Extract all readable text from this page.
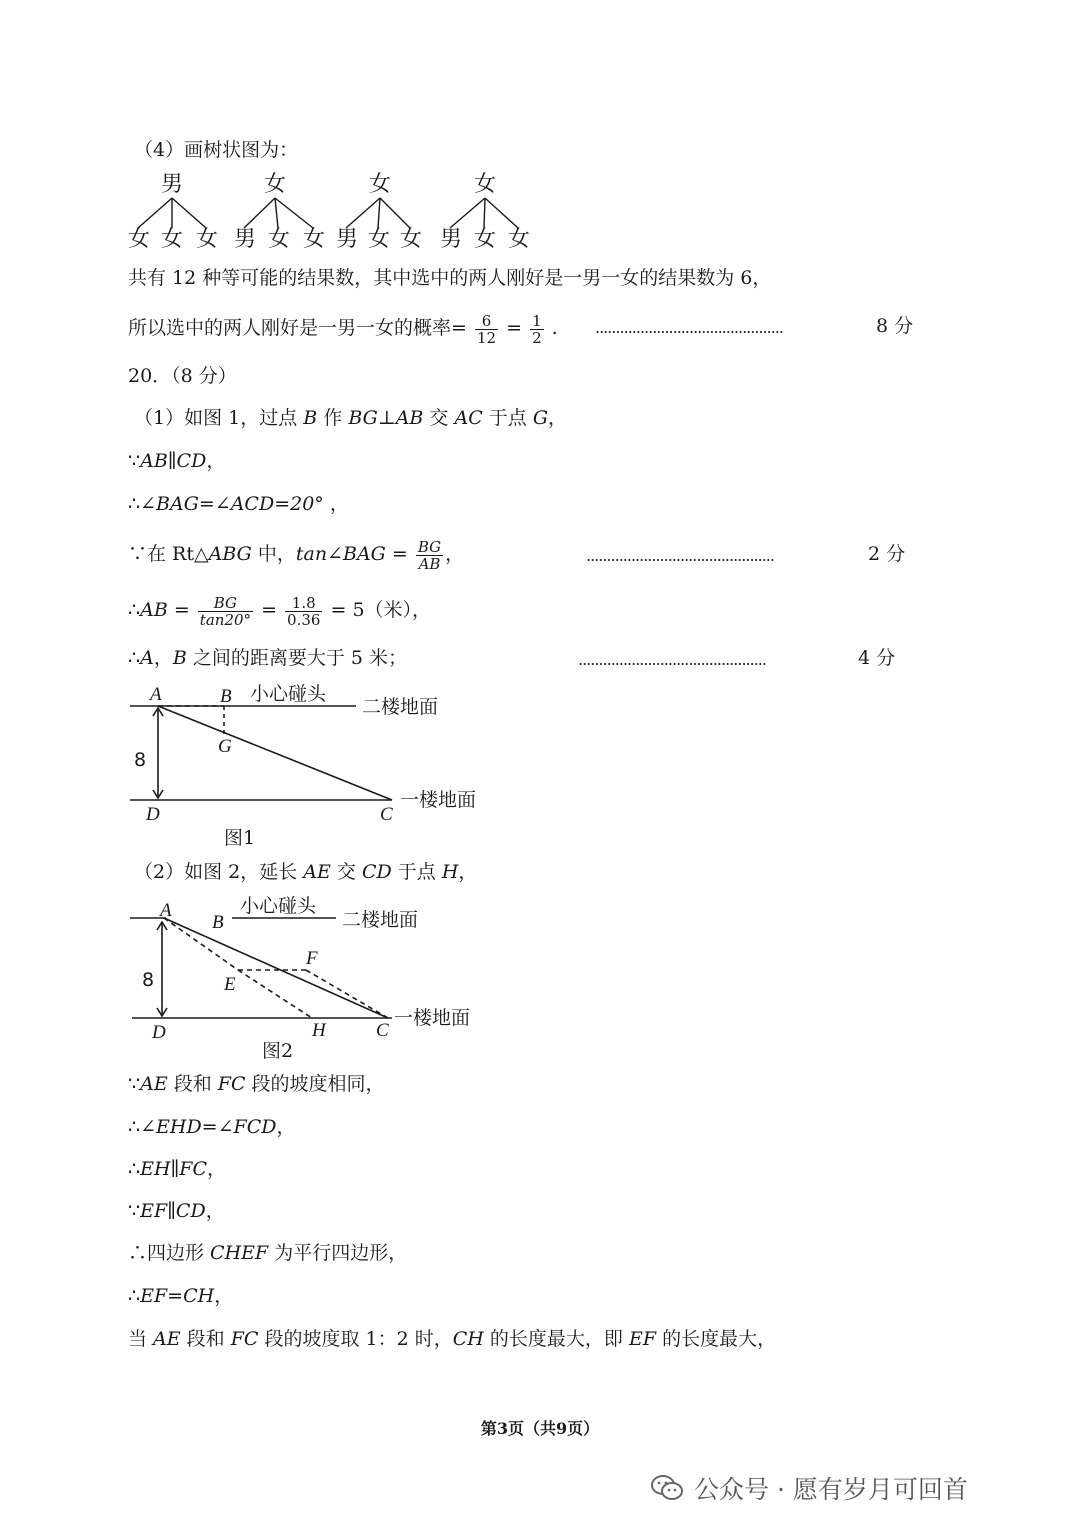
（4）画树状图为：
男
女 女 女
女
男 女 女
女
男 女 女
女
男 女 女
共有 12 种等可能的结果数，其中选中的两人刚好是一男一女的结果数为 6，
所以选中的两人刚好是一男一女的概率= $\frac{6}{12} = \frac{1}{2}$ . ..............................................	8 分
20．（8 分）
（1）如图 1，过点 B 作 BG⊥AB 交 AC 于点 G，
∵AB∥CD，
∴∠BAG=∠ACD=20° ，
∵在 Rt△ABG 中，tan∠BAG = $\frac{BG}{AB}$ ，	..............................................	2 分
∴AB = $\frac{BG}{\tan 20^\circ} = \frac{1.8}{0.36} = 5$（米），
∴A，B 之间的距离要大于 5 米；	..............................................	4 分
A	B
G
D	C
8
小心碰头
二楼地面
一楼地面
图1
（2）如图 2，延长 AE 交 CD 于点 H，
A
B
E
F
D	H	C
8
小心碰头
二楼地面
一楼地面
图2
∵AE 段和 FC 段的坡度相同，
∴∠EHD=∠FCD，
∴EH∥FC，
∵EF∥CD，
∴四边形 CHEF 为平行四边形，
∴EF=CH，
当 AE 段和 FC 段的坡度取 1：2 时，CH 的长度最大，即 EF 的长度最大，
第3页（共9页）
公众号 · 愿有岁月可回首
